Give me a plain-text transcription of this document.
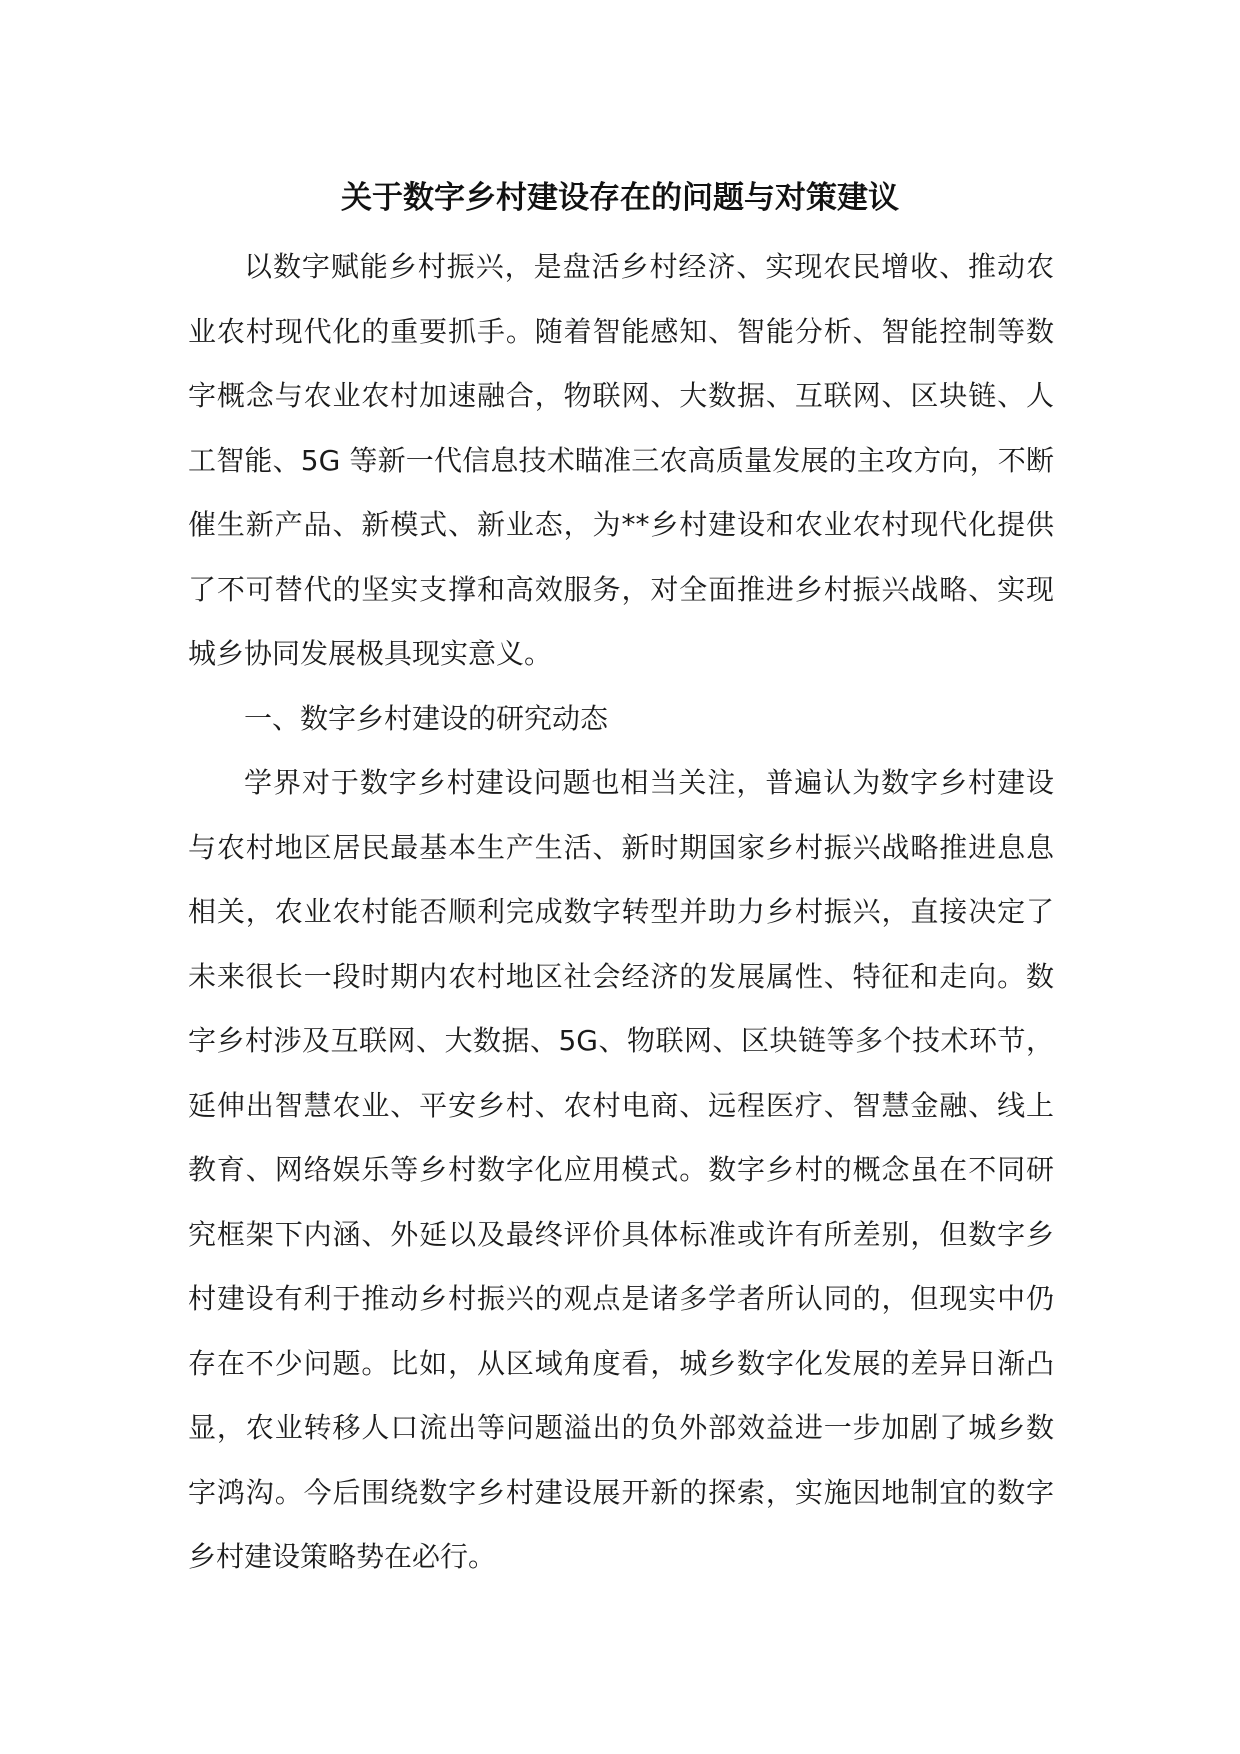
关于数字乡村建设存在的问题与对策建议

以数字赋能乡村振兴，是盘活乡村经济、实现农民增收、推动农业农村现代化的重要抓手。随着智能感知、智能分析、智能控制等数字概念与农业农村加速融合，物联网、大数据、互联网、区块链、人工智能、5G 等新一代信息技术瞄准三农高质量发展的主攻方向，不断催生新产品、新模式、新业态，为**乡村建设和农业农村现代化提供了不可替代的坚实支撑和高效服务，对全面推进乡村振兴战略、实现城乡协同发展极具现实意义。

一、数字乡村建设的研究动态

学界对于数字乡村建设问题也相当关注，普遍认为数字乡村建设与农村地区居民最基本生产生活、新时期国家乡村振兴战略推进息息相关，农业农村能否顺利完成数字转型并助力乡村振兴，直接决定了未来很长一段时期内农村地区社会经济的发展属性、特征和走向。数字乡村涉及互联网、大数据、5G、物联网、区块链等多个技术环节，延伸出智慧农业、平安乡村、农村电商、远程医疗、智慧金融、线上教育、网络娱乐等乡村数字化应用模式。数字乡村的概念虽在不同研究框架下内涵、外延以及最终评价具体标准或许有所差别，但数字乡村建设有利于推动乡村振兴的观点是诸多学者所认同的，但现实中仍存在不少问题。比如，从区域角度看，城乡数字化发展的差异日渐凸显，农业转移人口流出等问题溢出的负外部效益进一步加剧了城乡数字鸿沟。今后围绕数字乡村建设展开新的探索，实施因地制宜的数字乡村建设策略势在必行。
